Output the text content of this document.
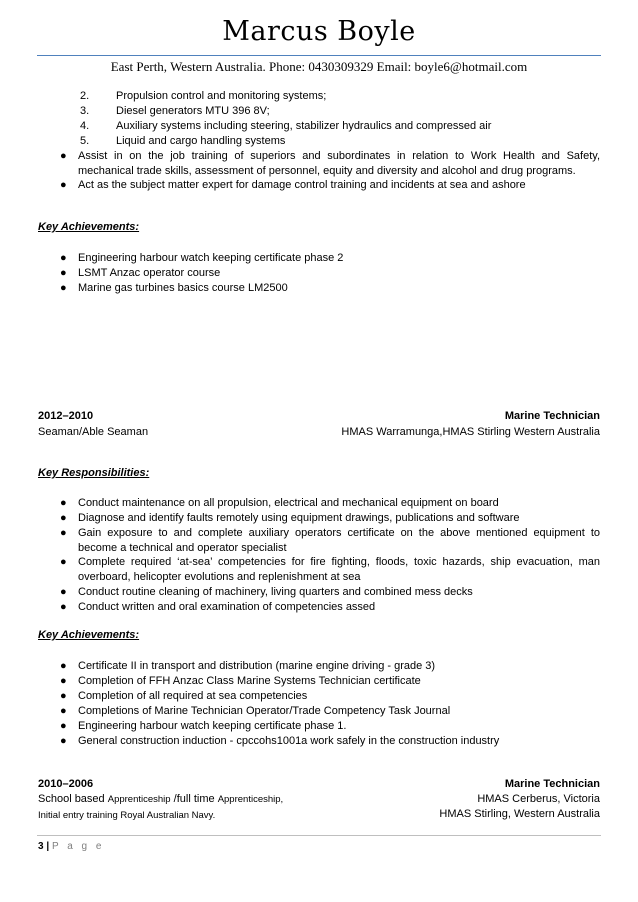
Marcus Boyle
East Perth, Western Australia. Phone: 0430309329 Email: boyle6@hotmail.com
2. Propulsion control and monitoring systems;
3. Diesel generators MTU 396 8V;
4. Auxiliary systems including steering, stabilizer hydraulics and compressed air
5. Liquid and cargo handling systems
● Assist in on the job training of superiors and subordinates in relation to Work Health and Safety, mechanical trade skills, assessment of personnel, equity and diversity and alcohol and drug programs.
● Act as the subject matter expert for damage control training and incidents at sea and ashore
Key Achievements:
● Engineering harbour watch keeping certificate phase 2
● LSMT Anzac operator course
● Marine gas turbines basics course LM2500
2012–2010	Marine Technician
Seaman/Able Seaman	HMAS Warramunga,HMAS Stirling Western Australia
Key Responsibilities:
● Conduct maintenance on all propulsion, electrical and mechanical equipment on board
● Diagnose and identify faults remotely using equipment drawings, publications and software
● Gain exposure to and complete auxiliary operators certificate on the above mentioned equipment to become a technical and operator specialist
● Complete required ‘at-sea’ competencies for fire fighting, floods, toxic hazards, ship evacuation, man overboard, helicopter evolutions and replenishment at sea
● Conduct routine cleaning of machinery, living quarters and combined mess decks
● Conduct written and oral examination of competencies assed
Key Achievements:
● Certificate II in transport and distribution (marine engine driving - grade 3)
● Completion of FFH Anzac Class Marine Systems Technician certificate
● Completion of all required at sea competencies
● Completions of Marine Technician Operator/Trade Competency Task Journal
● Engineering harbour watch keeping certificate phase 1.
● General construction induction - cpccohs1001a work safely in the construction industry
2010–2006	Marine Technician
School based Apprenticeship /full time Apprenticeship,	HMAS Cerberus, Victoria
Initial entry training Royal Australian Navy.	HMAS Stirling, Western Australia
3 | P a g e
